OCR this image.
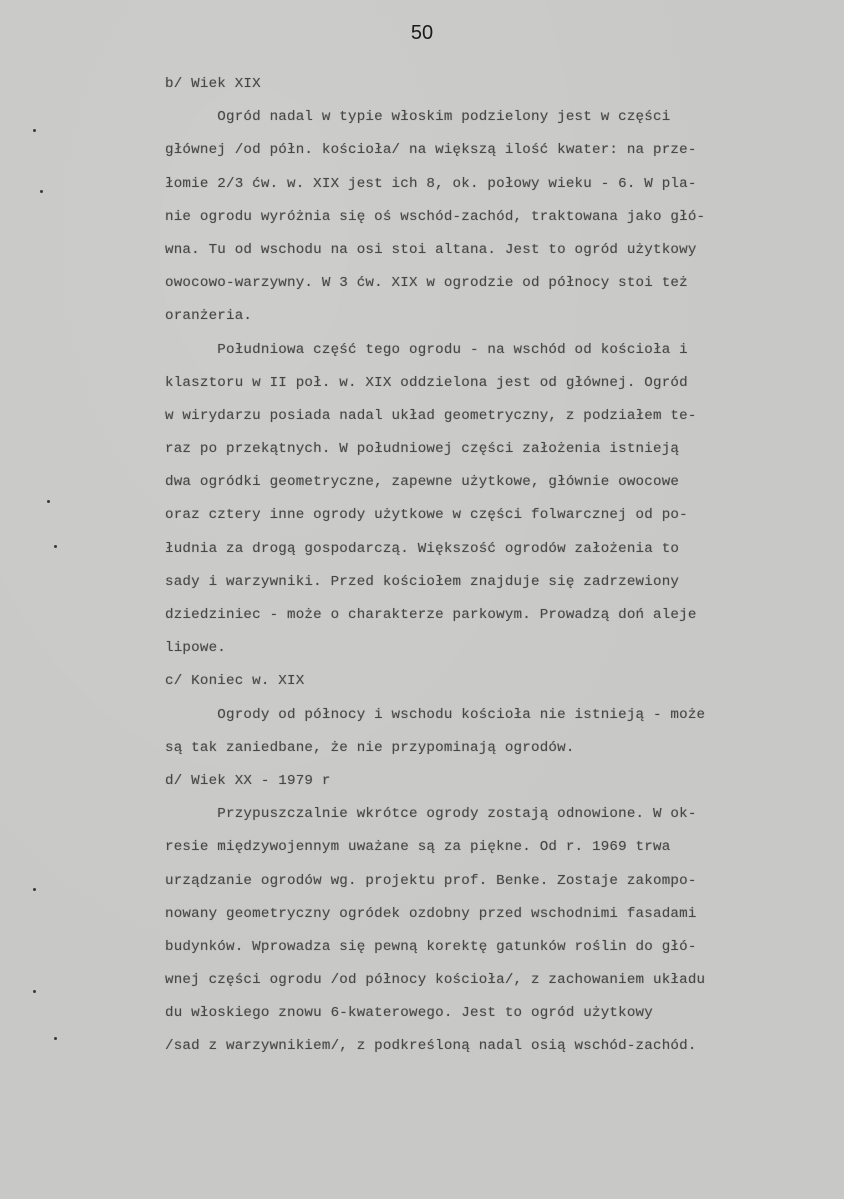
50
b/ Wiek XIX
Ogród nadal w typie włoskim podzielony jest w części
głównej /od półn. kościoła/ na większą ilość kwater: na prze-
łomie 2/3 ćw. w. XIX jest ich 8, ok. połowy wieku - 6. W pla-
nie ogrodu wyróżnia się oś wschód-zachód, traktowana jako głó-
wna. Tu od wschodu na osi stoi altana. Jest to ogród użytkowy
owocowo-warzywny. W 3 ćw. XIX w ogrodzie od północy stoi też
oranżeria.
Południowa część tego ogrodu - na wschód od kościoła i
klasztoru w II poł. w. XIX oddzielona jest od głównej. Ogród
w wirydarzu posiada nadal układ geometryczny, z podziałem te-
raz po przekątnych. W południowej części założenia istnieją
dwa ogródki geometryczne, zapewne użytkowe, głównie owocowe
oraz cztery inne ogrody użytkowe w części folwarcznej od po-
łudnia za drogą gospodarczą. Większość ogrodów założenia to
sady i warzywniki. Przed kościołem znajduje się zadrzewiony
dziedziniec - może o charakterze parkowym. Prowadzą doń aleje
lipowe.
c/ Koniec w. XIX
Ogrody od północy i wschodu kościoła nie istnieją - może
są tak zaniedbane, że nie przypominają ogrodów.
d/ Wiek XX - 1979 r
Przypuszczalnie wkrótce ogrody zostają odnowione. W ok-
resie międzywojennym uważane są za piękne. Od r. 1969 trwa
urządzanie ogrodów wg. projektu prof. Benke. Zostaje zakompo-
nowany geometryczny ogródek ozdobny przed wschodnimi fasadami
budynków. Wprowadza się pewną korektę gatunków roślin do głó-
wnej części ogrodu /od północy kościoła/, z zachowaniem układu
du włoskiego znowu 6-kwaterowego. Jest to ogród użytkowy
/sad z warzywnikiem/, z podkreśloną nadal osią wschód-zachód.
